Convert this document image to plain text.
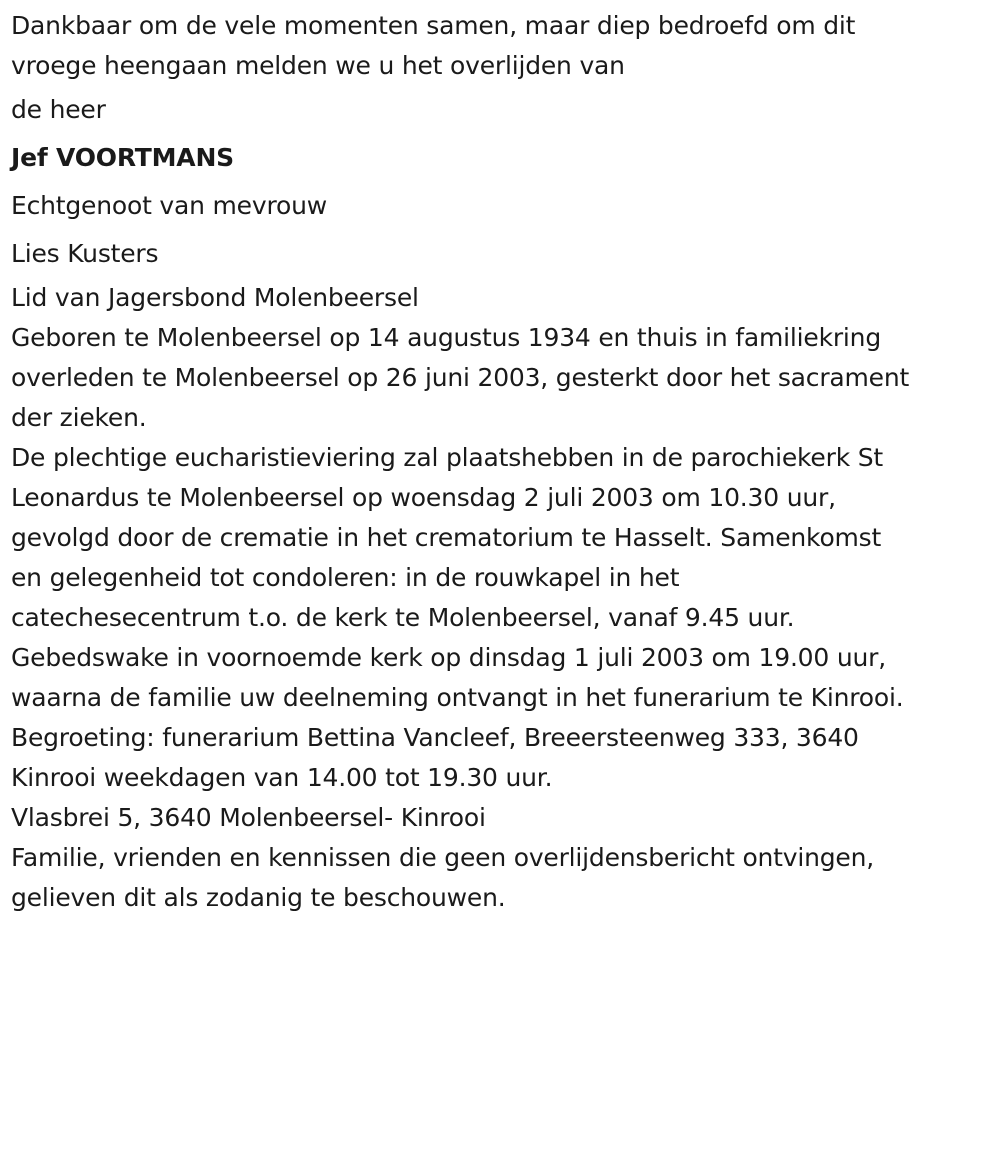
Dankbaar om de vele momenten samen, maar diep bedroefd om dit
vroege heengaan melden we u het overlijden van

de heer

Jef VOORTMANS

Echtgenoot van mevrouw

Lies Kusters

Lid van Jagersbond Molenbeersel

Geboren te Molenbeersel op 14 augustus 1934 en thuis in familiekring
overleden te Molenbeersel op 26 juni 2003, gesterkt door het sacrament
der zieken.

De plechtige eucharistieviering zal plaatshebben in de parochiekerk St
Leonardus te Molenbeersel op woensdag 2 juli 2003 om 10.30 uur,
gevolgd door de crematie in het crematorium te Hasselt. Samenkomst
en gelegenheid tot condoleren: in de rouwkapel in het
catechesecentrum t.o. de kerk te Molenbeersel, vanaf 9.45 uur.
Gebedswake in voornoemde kerk op dinsdag 1 juli 2003 om 19.00 uur,
waarna de familie uw deelneming ontvangt in het funerarium te Kinrooi.
Begroeting: funerarium Bettina Vancleef, Breeersteenweg 333, 3640
Kinrooi weekdagen van 14.00 tot 19.30 uur.

Vlasbrei 5, 3640 Molenbeersel- Kinrooi

Familie, vrienden en kennissen die geen overlijdensbericht ontvingen,
gelieven dit als zodanig te beschouwen.
